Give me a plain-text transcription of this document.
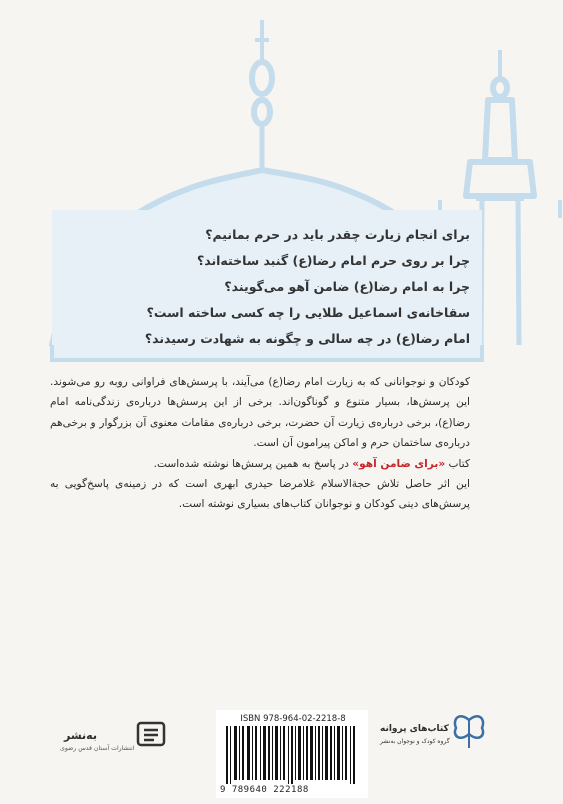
برای انجام زیارت چقدر باید در حرم بمانیم؟
چرا بر روی حرم امام رضا(ع) گنبد ساخته‌اند؟
چرا به امام رضا(ع) ضامن آهو می‌گویند؟
سقاخانه‌ی اسماعیل طلایی را چه کسی ساخته است؟
امام رضا(ع) در چه سالی و چگونه به شهادت رسیدند؟

کودکان و نوجوانانی که به زیارت امام رضا(ع) می‌آیند، با پرسش‌های فراوانی روبه رو می‌شوند. این پرسش‌ها، بسیار متنوع و گوناگون‌اند. برخی از این پرسش‌ها درباره‌ی زندگی‌نامه امام رضا(ع)، برخی درباره‌ی زیارت آن حضرت، برخی درباره‌ی مقامات معنوی آن بزرگوار و برخی‌هم درباره‌ی ساختمان حرم و اماکن پیرامون آن است.

کتاب «برای ضامن آهو» در پاسخ به همین پرسش‌ها نوشته شده‌است.

این اثر حاصل تلاش حجة‌الاسلام غلامرضا حیدری ابهری است که در زمینه‌ی پاسخ‌گویی به پرسش‌های دینی کودکان و نوجوانان کتاب‌های بسیاری نوشته است.

به‌نشر
انتشارات آستان قدس رضوی
ISBN 978-964-02-2218-8
9 789640 222188
کتاب‌های پروانه
گروه کودک و نوجوان به‌نشر
